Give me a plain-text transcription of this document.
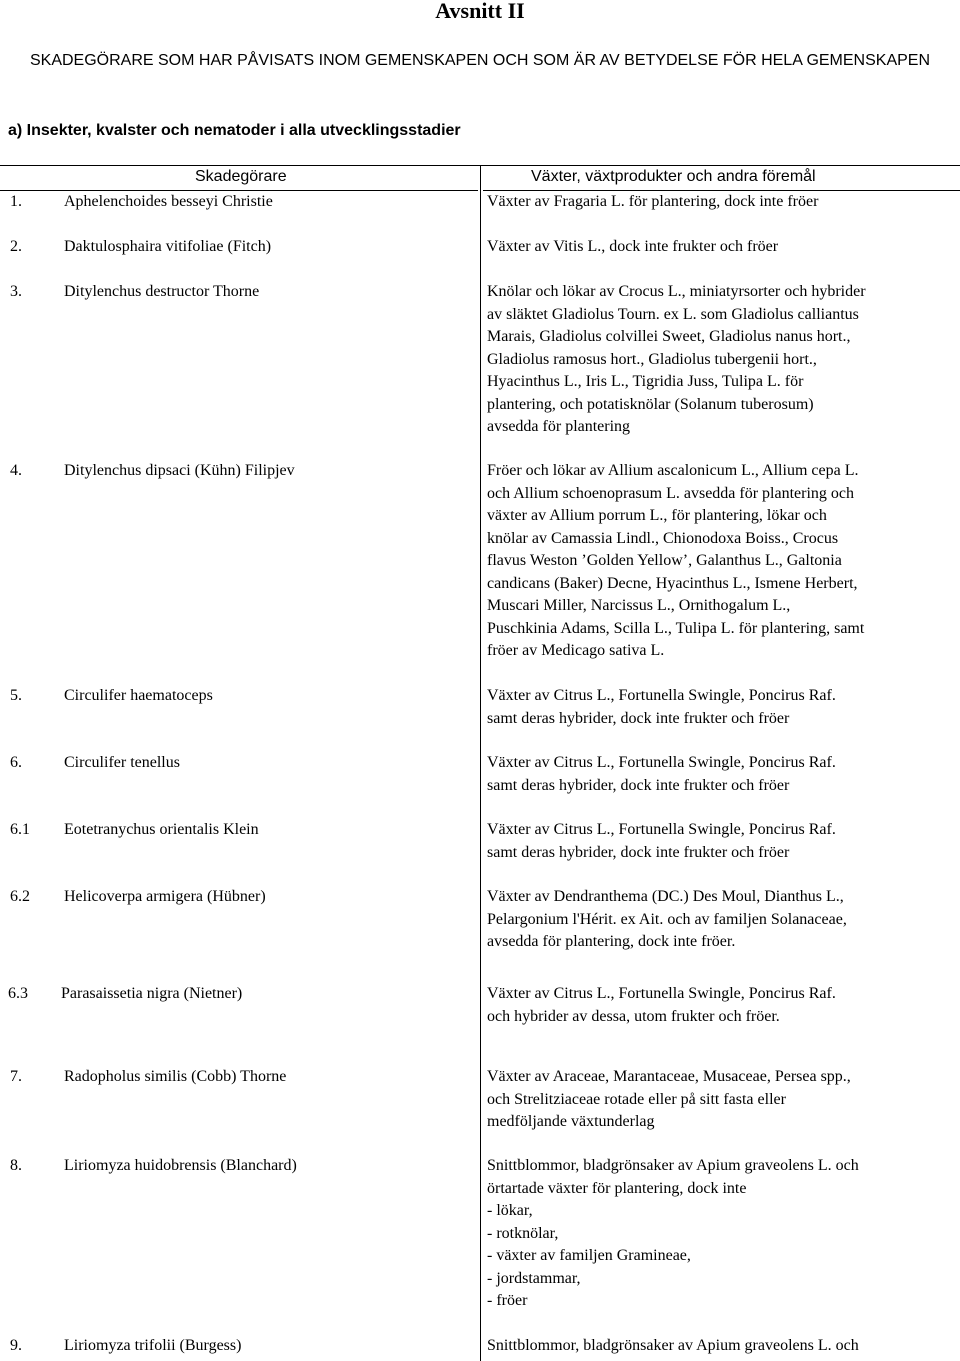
Avsnitt II
SKADEGÖRARE SOM HAR PÅVISATS INOM GEMENSKAPEN OCH SOM ÄR AV BETYDELSE FÖR HELA GEMENSKAPEN
a) Insekter, kvalster och nematoder i alla utvecklingsstadier
Skadegörare	Växter, växtprodukter och andra föremål
1.	Aphelenchoides besseyi Christie	Växter av Fragaria L. för plantering, dock inte fröer
2.	Daktulosphaira vitifoliae (Fitch)	Växter av Vitis L., dock inte frukter och fröer
3.	Ditylenchus destructor Thorne	Knölar och lökar av Crocus L., miniatyrsorter och hybrider
av släktet Gladiolus Tourn. ex L. som Gladiolus calliantus
Marais, Gladiolus colvillei Sweet, Gladiolus nanus hort.,
Gladiolus ramosus hort., Gladiolus tubergenii hort.,
Hyacinthus L., Iris L., Tigridia Juss, Tulipa L. för
plantering, och potatisknölar (Solanum tuberosum)
avsedda för plantering
4.	Ditylenchus dipsaci (Kühn) Filipjev	Fröer och lökar av Allium ascalonicum L., Allium cepa L.
och Allium schoenoprasum L. avsedda för plantering och
växter av Allium porrum L., för plantering, lökar och
knölar av Camassia Lindl., Chionodoxa Boiss., Crocus
flavus Weston ’Golden Yellow’, Galanthus L., Galtonia
candicans (Baker) Decne, Hyacinthus L., Ismene Herbert,
Muscari Miller, Narcissus L., Ornithogalum L.,
Puschkinia Adams, Scilla L., Tulipa L. för plantering, samt
fröer av Medicago sativa L.
5.	Circulifer haematoceps	Växter av Citrus L., Fortunella Swingle, Poncirus Raf.
samt deras hybrider, dock inte frukter och fröer
6.	Circulifer tenellus	Växter av Citrus L., Fortunella Swingle, Poncirus Raf.
samt deras hybrider, dock inte frukter och fröer
6.1 Eotetranychus orientalis Klein	Växter av Citrus L., Fortunella Swingle, Poncirus Raf.
samt deras hybrider, dock inte frukter och fröer
6.2 Helicoverpa armigera (Hübner)	Växter av Dendranthema (DC.) Des Moul, Dianthus L.,
Pelargonium l'Hérit. ex Ait. och av familjen Solanaceae,
avsedda för plantering, dock inte fröer.
6.3 Parasaissetia nigra (Nietner)	Växter av Citrus L., Fortunella Swingle, Poncirus Raf.
och hybrider av dessa, utom frukter och fröer.
7.	Radopholus similis (Cobb) Thorne	Växter av Araceae, Marantaceae, Musaceae, Persea spp.,
och Strelitziaceae rotade eller på sitt fasta eller
medföljande växtunderlag
8.	Liriomyza huidobrensis (Blanchard)	Snittblommor, bladgrönsaker av Apium graveolens L. och
örtartade växter för plantering, dock inte
- lökar,
- rotknölar,
- växter av familjen Gramineae,
- jordstammar,
- fröer
9.	Liriomyza trifolii (Burgess)	Snittblommor, bladgrönsaker av Apium graveolens L. och
